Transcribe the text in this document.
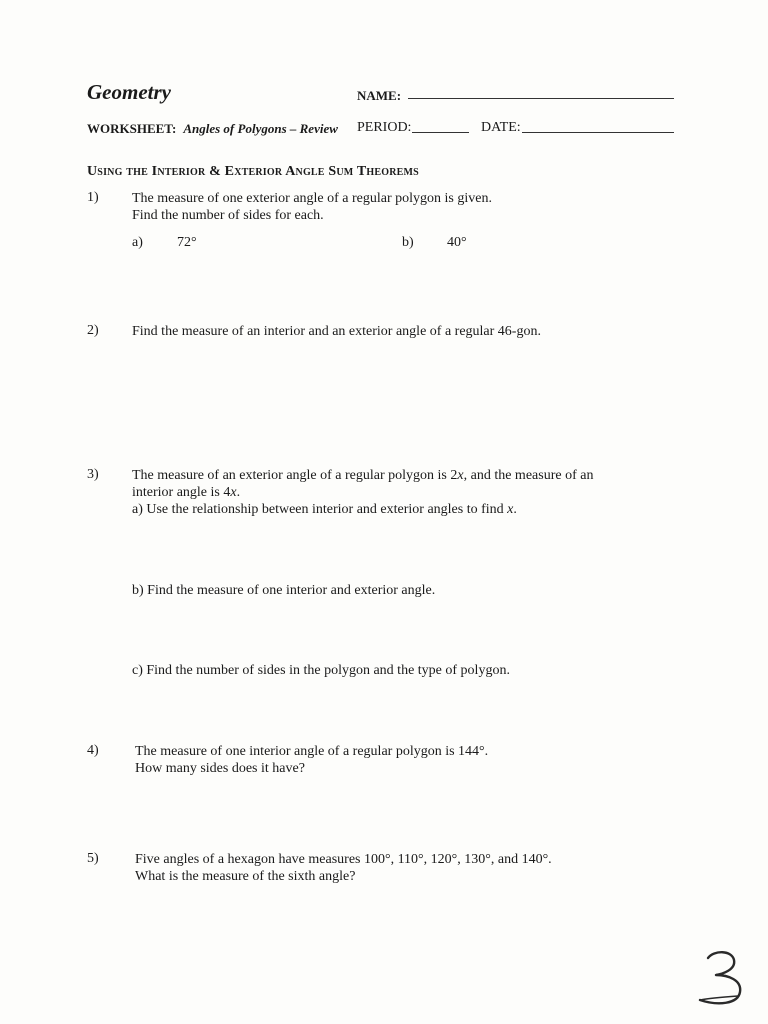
Geometry	NAME:
WORKSHEET: Angles of Polygons – Review PERIOD:	DATE:
Using the Interior & Exterior Angle Sum Theorems
1) The measure of one exterior angle of a regular polygon is given.
Find the number of sides for each.
a) 72°	b) 40°
2) Find the measure of an interior and an exterior angle of a regular 46-gon.
3) The measure of an exterior angle of a regular polygon is 2x, and the measure of an
interior angle is 4x.
a) Use the relationship between interior and exterior angles to find x.
b) Find the measure of one interior and exterior angle.
c) Find the number of sides in the polygon and the type of polygon.
4)	The measure of one interior angle of a regular polygon is 144°.
How many sides does it have?
5)	Five angles of a hexagon have measures 100°, 110°, 120°, 130°, and 140°.
What is the measure of the sixth angle?
